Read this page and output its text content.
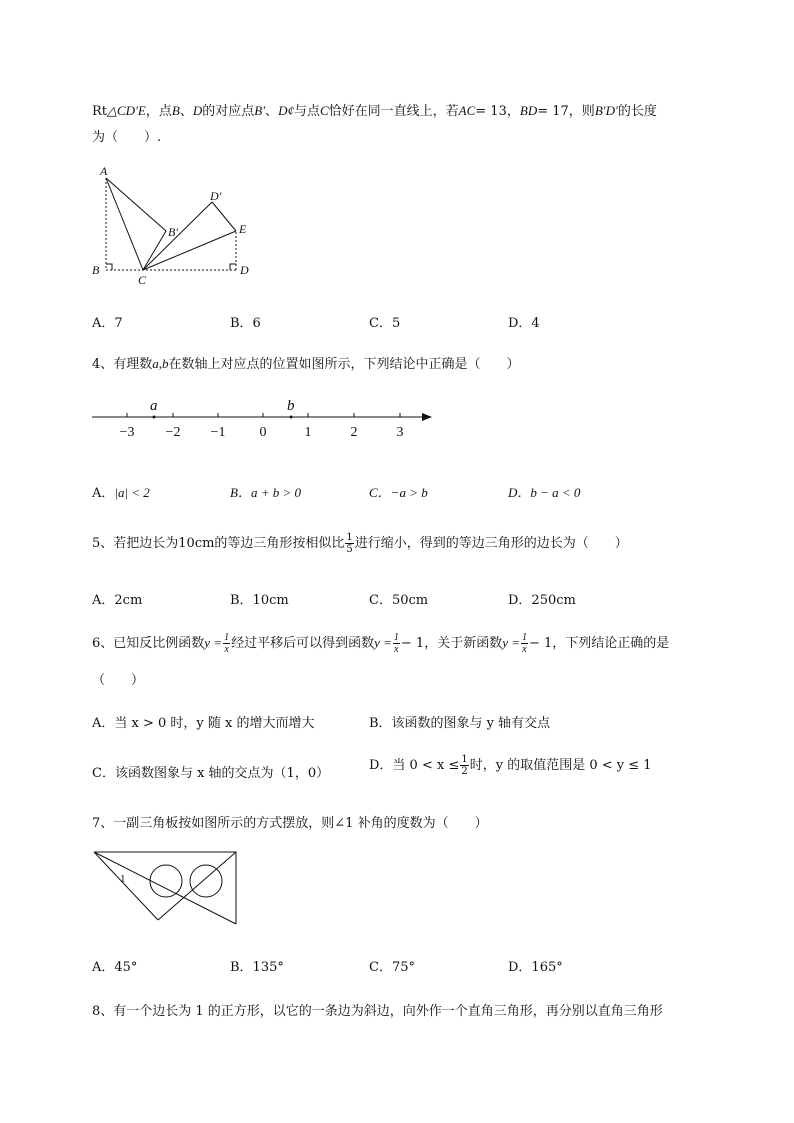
Rt△CD′E，点B、D的对应点B′、D¢与点C恰好在同一直线上，若AC= 13，BD= 17，则B′D′的长度
为（　　）.
A
B
C
D
E
B′
D′
A．7	B．6	C．5	D．4
4、有理数a,b在数轴上对应点的位置如图所示，下列结论中正确是（　　）
a	b
−3 −2 −1 0	1	2	3
A．|a| < 2	B．a + b > 0	C．−a > b	D．b − a < 0
5、若把边长为10cm的等边三角形按相似比 $\frac{1}{5}$ 进行缩小，得到的等边三角形的边长为（　　）
A．2cm	B．10cm	C．50cm	D．250cm
6、已知反比例函数$y = \frac{1}{x}$ 经过平移后可以得到函数$y = \frac{1}{x} - 1$，关于新函数$y = \frac{1}{x} - 1$，下列结论正确的是
（　　）
A．当 x > 0 时，y 随 x 的增大而增大	B．该函数的图象与 y 轴有交点
C．该函数图象与 x 轴的交点为（1，0）
D．当 $0 < x \le \frac{1}{2}$ 时，y 的取值范围是 0 < y ≤ 1
7、一副三角板按如图所示的方式摆放，则∠1 补角的度数为（　　）
1
A．45°	B．135°	C．75°	D．165°
8、有一个边长为 1 的正方形，以它的一条边为斜边，向外作一个直角三角形，再分别以直角三角形
